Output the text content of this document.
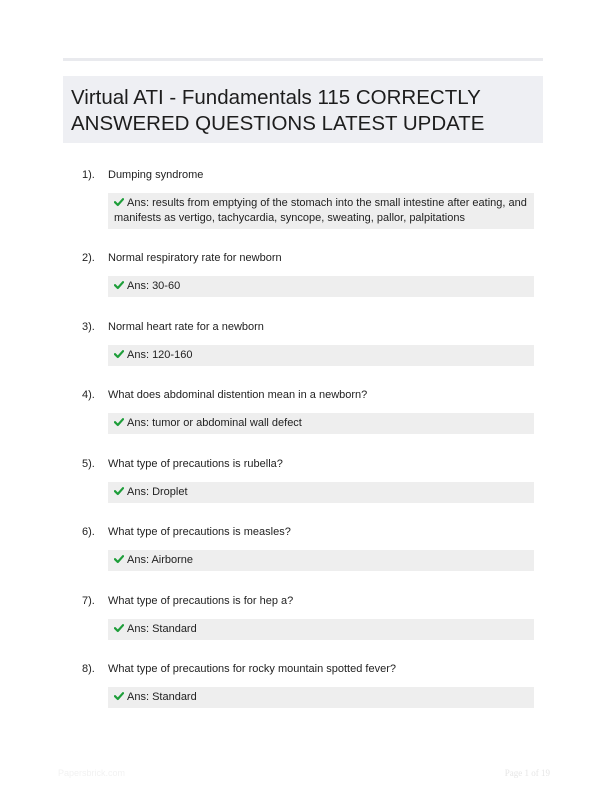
Virtual ATI - Fundamentals 115 CORRECTLY ANSWERED QUESTIONS LATEST UPDATE
1). Dumping syndrome
Ans: results from emptying of the stomach into the small intestine after eating, and manifests as vertigo, tachycardia, syncope, sweating, pallor, palpitations
2). Normal respiratory rate for newborn
Ans: 30-60
3). Normal heart rate for a newborn
Ans: 120-160
4). What does abdominal distention mean in a newborn?
Ans: tumor or abdominal wall defect
5). What type of precautions is rubella?
Ans: Droplet
6). What type of precautions is measles?
Ans: Airborne
7). What type of precautions is for hep a?
Ans: Standard
8). What type of precautions for rocky mountain spotted fever?
Ans: Standard
Papersbrick.com	Page 1 of 19
